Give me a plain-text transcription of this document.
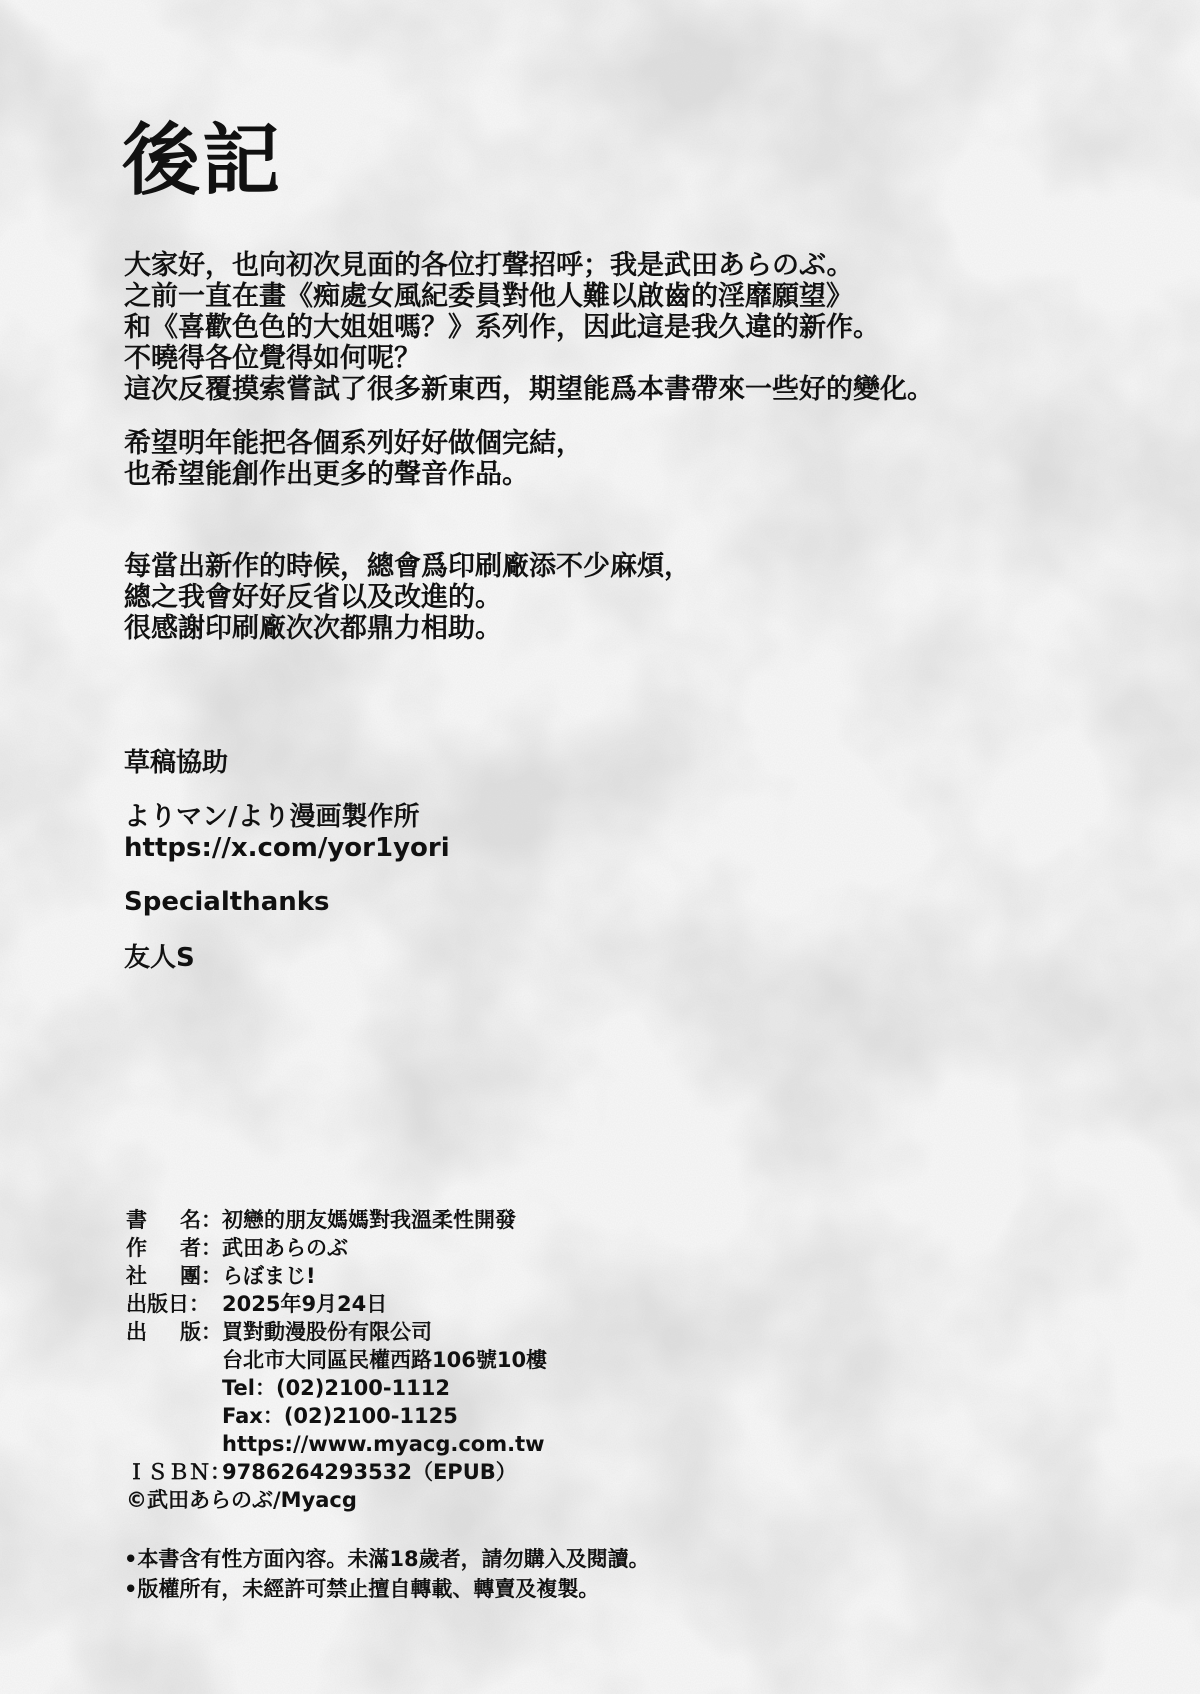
後記

大家好，也向初次見面的各位打聲招呼；我是武田あらのぶ。
之前一直在畫《痴處女風紀委員對他人難以啟齒的淫靡願望》
和《喜歡色色的大姐姐嗎？》系列作，因此這是我久違的新作。
不曉得各位覺得如何呢？
這次反覆摸索嘗試了很多新東西，期望能爲本書帶來一些好的變化。

希望明年能把各個系列好好做個完結，
也希望能創作出更多的聲音作品。

每當出新作的時候，總會爲印刷廠添不少麻煩，
總之我會好好反省以及改進的。
很感謝印刷廠次次都鼎力相助。

草稿協助
よりマン/より漫画製作所
https://x.com/yor1yori
Specialthanks
友人S
書 名： 初戀的朋友媽媽對我溫柔性開發
作 者： 武田あらのぶ
社 團： らぼまじ!
出版日： 2025年9月24日
出 版： 買對動漫股份有限公司
台北市大同區民權西路106號10樓
Tel：(02)2100-1112
Fax：(02)2100-1125
https://www.myacg.com.tw
ＩＳＢＮ：
9786264293532（EPUB）
©武田あらのぶ/Myacg
•本書含有性方面內容。未滿18歲者，請勿購入及閱讀。
•版權所有，未經許可禁止擅自轉載、轉賣及複製。
